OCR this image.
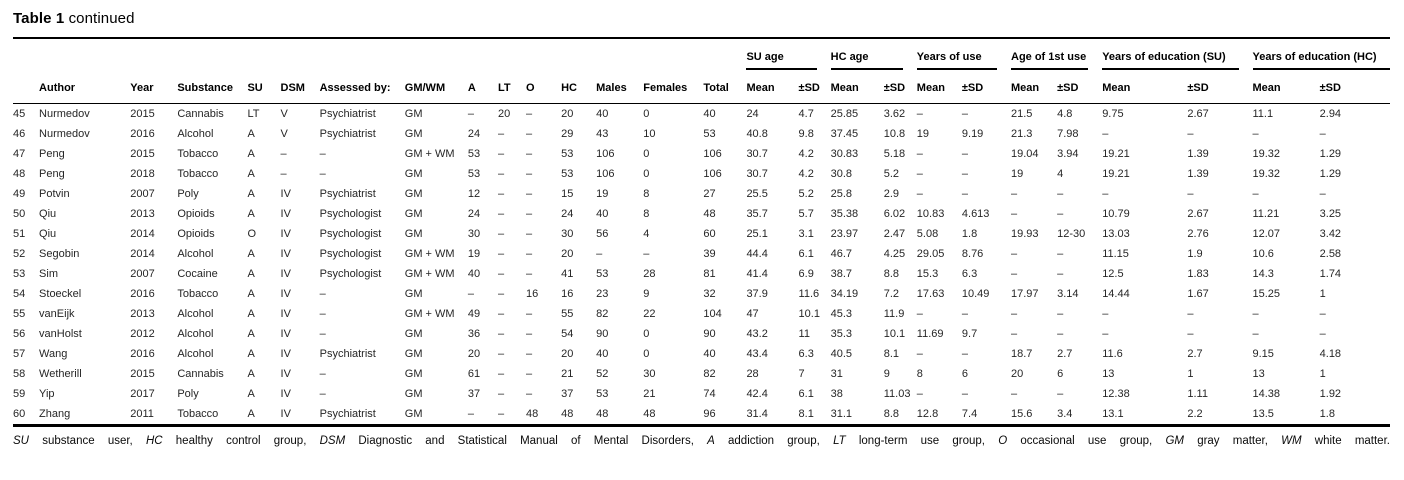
Table 1 continued

															SU age		HC age		Years of use		Age of 1st use		Years of education (SU)		Years of education (HC)	

	Author	Year	Substance	SU	DSM	Assessed by:	GM/WM	A	LT	O	HC	Males	Females	Total	Mean	±SD	Mean	±SD	Mean	±SD	Mean	±SD	Mean	±SD	Mean	±SD
45	Nurmedov	2015	Cannabis	LT	V	Psychiatrist	GM	–	20	–	20	40	0	40	24	4.7	25.85	3.62	–	–	21.5	4.8	9.75	2.67	11.1	2.94
46	Nurmedov	2016	Alcohol	A	V	Psychiatrist	GM	24	–	–	29	43	10	53	40.8	9.8	37.45	10.8	19	9.19	21.3	7.98	–	–	–	–
47	Peng	2015	Tobacco	A	–	–	GM + WM	53	–	–	53	106	0	106	30.7	4.2	30.83	5.18	–	–	19.04	3.94	19.21	1.39	19.32	1.29
48	Peng	2018	Tobacco	A	–	–	GM	53	–	–	53	106	0	106	30.7	4.2	30.8	5.2	–	–	19	4	19.21	1.39	19.32	1.29
49	Potvin	2007	Poly	A	IV	Psychiatrist	GM	12	–	–	15	19	8	27	25.5	5.2	25.8	2.9	–	–	–	–	–	–	–	–
50	Qiu	2013	Opioids	A	IV	Psychologist	GM	24	–	–	24	40	8	48	35.7	5.7	35.38	6.02	10.83	4.613	–	–	10.79	2.67	11.21	3.25
51	Qiu	2014	Opioids	O	IV	Psychologist	GM	30	–	–	30	56	4	60	25.1	3.1	23.97	2.47	5.08	1.8	19.93	12-30	13.03	2.76	12.07	3.42
52	Segobin	2014	Alcohol	A	IV	Psychologist	GM + WM	19	–	–	20	–	–	39	44.4	6.1	46.7	4.25	29.05	8.76	–	–	11.15	1.9	10.6	2.58
53	Sim	2007	Cocaine	A	IV	Psychologist	GM + WM	40	–	–	41	53	28	81	41.4	6.9	38.7	8.8	15.3	6.3	–	–	12.5	1.83	14.3	1.74
54	Stoeckel	2016	Tobacco	A	IV	–	GM	–	–	16	16	23	9	32	37.9	11.6	34.19	7.2	17.63	10.49	17.97	3.14	14.44	1.67	15.25	1
55	vanEijk	2013	Alcohol	A	IV	–	GM + WM	49	–	–	55	82	22	104	47	10.1	45.3	11.9	–	–	–	–	–	–	–	–
56	vanHolst	2012	Alcohol	A	IV	–	GM	36	–	–	54	90	0	90	43.2	11	35.3	10.1	11.69	9.7	–	–	–	–	–	–
57	Wang	2016	Alcohol	A	IV	Psychiatrist	GM	20	–	–	20	40	0	40	43.4	6.3	40.5	8.1	–	–	18.7	2.7	11.6	2.7	9.15	4.18
58	Wetherill	2015	Cannabis	A	IV	–	GM	61	–	–	21	52	30	82	28	7	31	9	8	6	20	6	13	1	13	1
59	Yip	2017	Poly	A	IV	–	GM	37	–	–	37	53	21	74	42.4	6.1	38	11.03	–	–	–	–	12.38	1.11	14.38	1.92
60	Zhang	2011	Tobacco	A	IV	Psychiatrist	GM	–	–	48	48	48	48	96	31.4	8.1	31.1	8.8	12.8	7.4	15.6	3.4	13.1	2.2	13.5	1.8
SU substance user, HC healthy control group, DSM Diagnostic and Statistical Manual of Mental Disorders, A addiction group, LT long-term use group, O occasional use group, GM gray matter, WM white matter.
